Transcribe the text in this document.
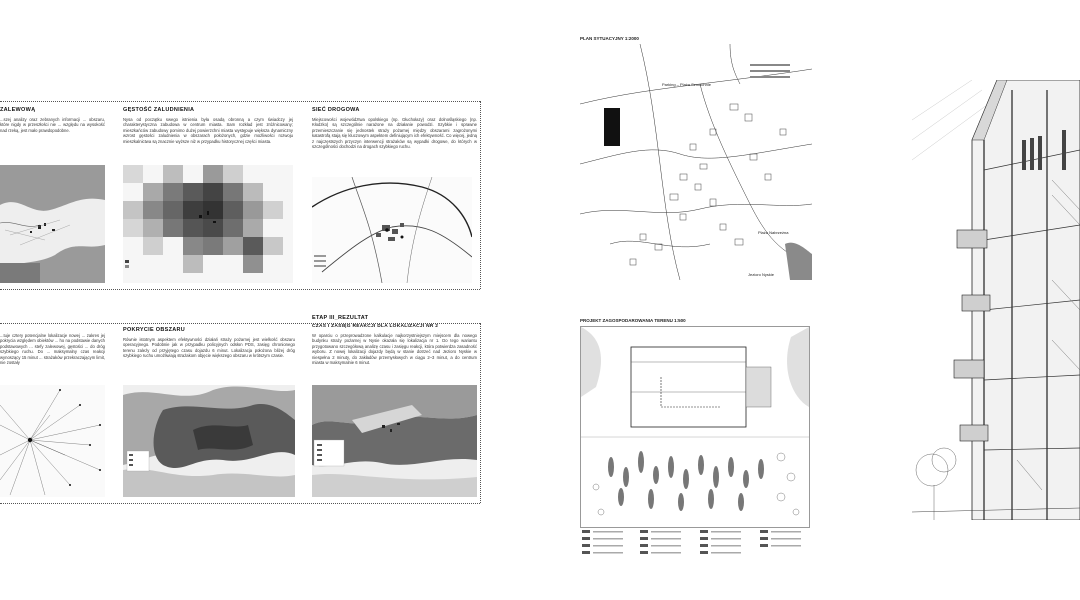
ZALEWOWĄ
...szej analizy oraz zebranych informacji ... obszaru, które nigdy w przeszłości nie ... względu na wysokość nad rzeką, jest mało prawdopodobne.
GĘSTOŚĆ ZALUDNIENIA
Nysa od początku swego istnienia była osadą obronną a czym świadczy jej charakterystyczna zabudowa w centrum miasta. Sam rozkład jest zróżnicowany; mieszkańców zabudowy pomimo dużej powierzchni miasta występuje większa dynamiczny wzrost gęstości zaludnienia w obszarach położonych, gdzie możliwości rozwoju mieszkalnictwa są znacznie wyższe niż w przypadku historycznej części miasta.
SIEĆ DROGOWA
Miejscowości województwa opolskiego (np. Głuchołazy) oraz dolnośląskiego (np. Kłodzko) są szczególnie narażone na działanie powodzi. Szybkie i sprawne przemieszczanie się jednostek straży pożarnej między obszarami zagrożonymi katastrofą stają się kluczowym aspektem definiującym ich efektywność. Co więcej, jedną z najczęstszych przyczyn interwencji strażaków są wypadki drogowe, do których w szczególności dochodzi na drogach szybkiego ruchu.
...tuje cztery potencjalne lokalizacje nowej ... zakres jej pokrycia względem obiektów ... ho na podstawie danych podstawowych ... stefy zalewowej, gęstości ... do dróg szybkiego ruchu. Do ... maksymalny czas reakcji wynoszący 15 minut ... strażaków przekraczającym limit, nie zostały
POKRYCIE OBSZARU
Równie istotnym aspektem efektywności działań straży pożarnej jest wielkość obszaru operacyjnego. Podobnie jak w przypadku policyjnych odsłon PDS, zasięg chronionego terenu zależy od przyjętego czasu dojazdu 6 minut. Lokalizacja położona bliżej dróg szybkiego ruchu umożliwiają strażakom objęcie większego obszaru w krótszym czasie.
ETAP III_REZULTAT
CZAS I ZASIĘG REAKCJI DLA LOKALIZACJI NR 2
W oparciu o przeprowadzone kalkulacje najkorzystniejszym miejscem dla nowego budynku straży pożarnej w Nysie okazała się lokalizacja nr 1. Do tego wariantu przygotowano szczegółową analizę czasu i zasięgu reakcji, która potwierdza zasadność wyboru. Z nowej lokalizacji dojazdy będą w stanie dotrzeć nad Jezioro Nyskie w niespełna 2 minuty, do zakładów przemysłowych w ciągu 2–3 minut, a do centrum miasta w maksymalnie 6 minut.
PLAN SYTUACYJNY 1:2000
Parking – Plaża Szmuchnie
Plaża Nabrzeżna
Jezioro Nyskie
PROJEKT ZAGOSPODAROWANIA TERENU 1:500
